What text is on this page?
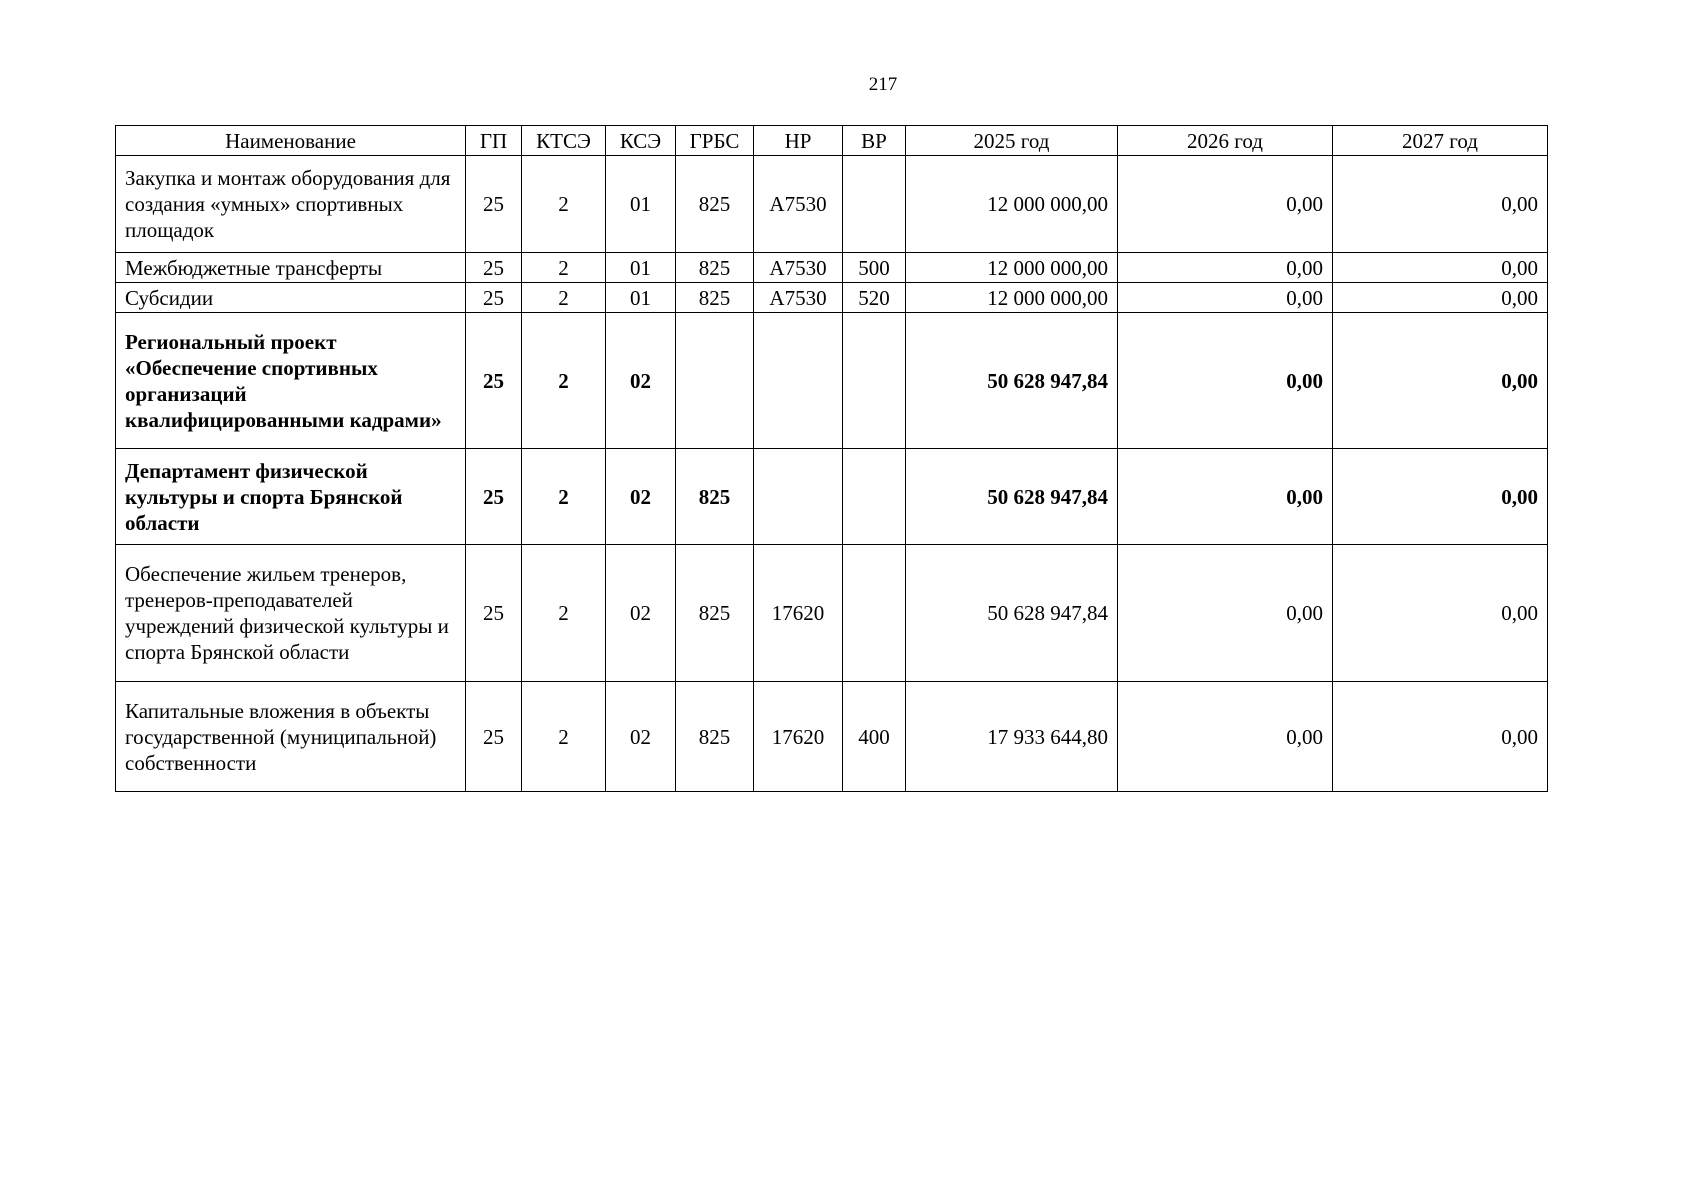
217
Наименование	ГП	КТСЭ	КСЭ	ГРБС	НР	ВР	2025 год	2026 год	2027 год
Закупка и монтаж оборудования для создания «умных» спортивных площадок	25	2	01	825	А7530		12 000 000,00	0,00	0,00
Межбюджетные трансферты	25	2	01	825	А7530	500	12 000 000,00	0,00	0,00
Субсидии	25	2	01	825	А7530	520	12 000 000,00	0,00	0,00
Региональный проект «Обеспечение спортивных организаций квалифицированными кадрами»	25	2	02				50 628 947,84	0,00	0,00
Департамент физической культуры и спорта Брянской области	25	2	02	825			50 628 947,84	0,00	0,00
Обеспечение жильем тренеров, тренеров-преподавателей учреждений физической культуры и спорта Брянской области	25	2	02	825	17620		50 628 947,84	0,00	0,00
Капитальные вложения в объекты государственной (муниципальной) собственности	25	2	02	825	17620	400	17 933 644,80	0,00	0,00
